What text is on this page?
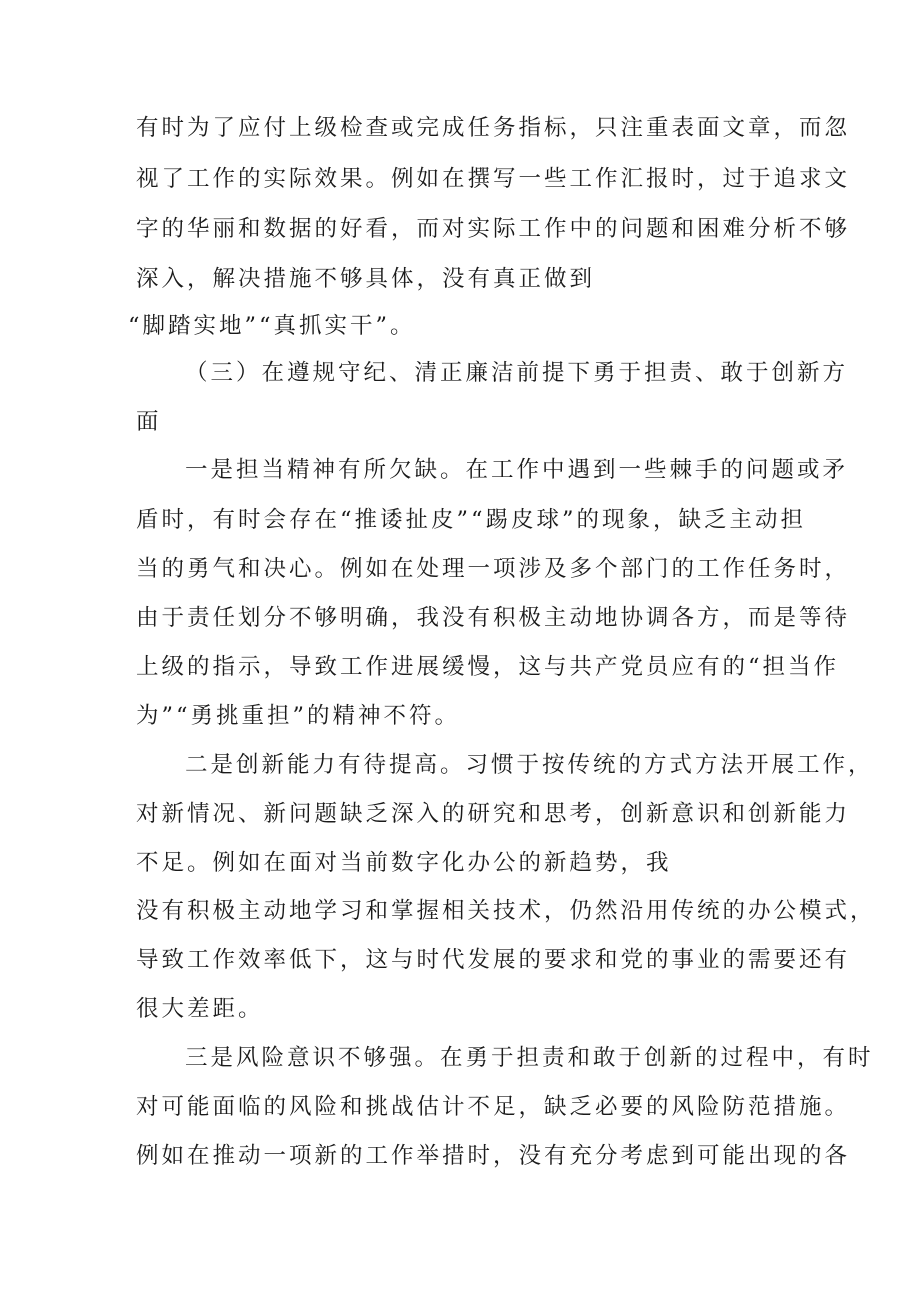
有时为了应付上级检查或完成任务指标，只注重表面文章，而忽
视了工作的实际效果。例如在撰写一些工作汇报时，过于追求文
字的华丽和数据的好看，而对实际工作中的问题和困难分析不够
深入，解决措施不够具体，没有真正做到
“脚踏实地”“真抓实干”。
（三）在遵规守纪、清正廉洁前提下勇于担责、敢于创新方
面
一是担当精神有所欠缺。在工作中遇到一些棘手的问题或矛
盾时，有时会存在“推诿扯皮”“踢皮球”的现象，缺乏主动担
当的勇气和决心。例如在处理一项涉及多个部门的工作任务时，
由于责任划分不够明确，我没有积极主动地协调各方，而是等待
上级的指示，导致工作进展缓慢，这与共产党员应有的“担当作
为”“勇挑重担”的精神不符。
二是创新能力有待提高。习惯于按传统的方式方法开展工作，
对新情况、新问题缺乏深入的研究和思考，创新意识和创新能力
不足。例如在面对当前数字化办公的新趋势，我
没有积极主动地学习和掌握相关技术，仍然沿用传统的办公模式，
导致工作效率低下，这与时代发展的要求和党的事业的需要还有
很大差距。
三是风险意识不够强。在勇于担责和敢于创新的过程中，有时
对可能面临的风险和挑战估计不足，缺乏必要的风险防范措施。
例如在推动一项新的工作举措时，没有充分考虑到可能出现的各
